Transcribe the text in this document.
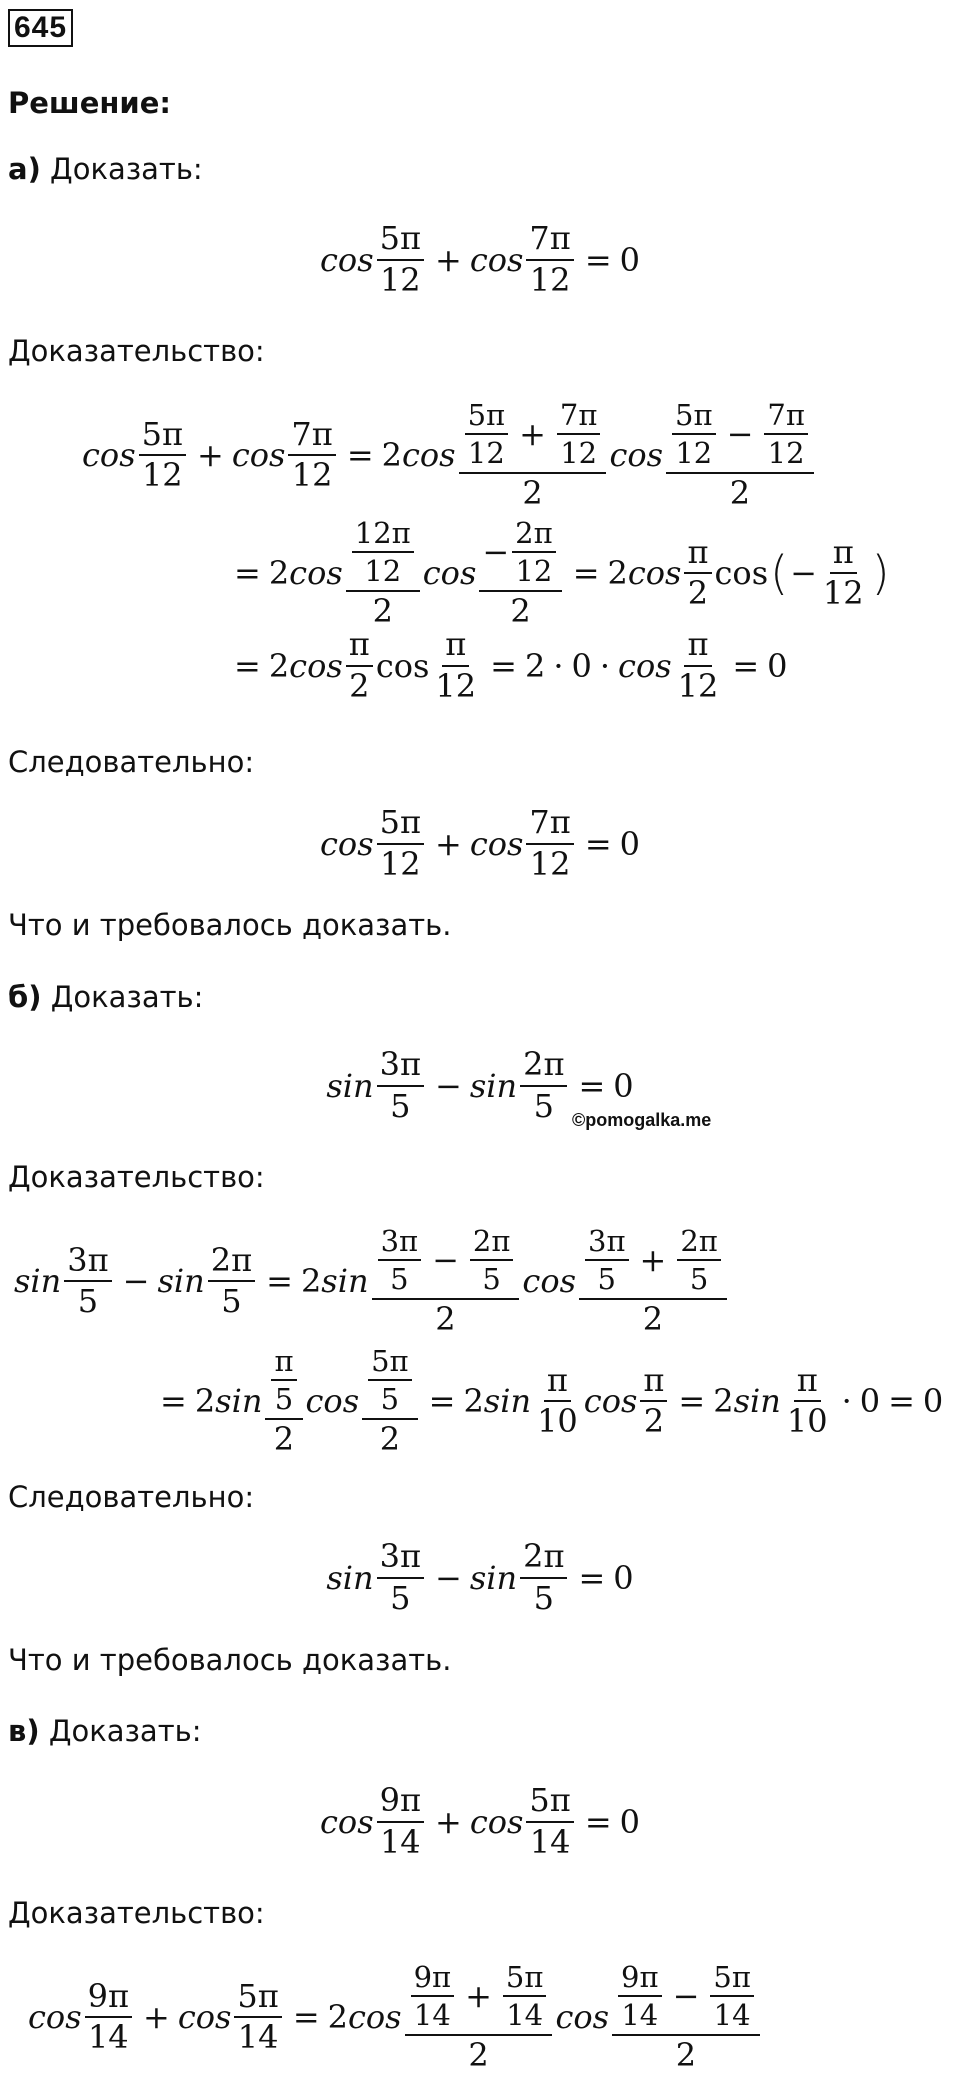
645
Решение:
а) Доказать:
cos
5π
12
+ $\cos \frac{7\pi}{12} = 0$
Доказательство:
cos
5π
12
+ $\cos \frac{7\pi}{12} = 2$ cos
5π
12
+ $\frac{7\pi}{12}$
2
cos
5π
12
− $\frac{7\pi}{12}$
2
= 2 cos
12π
12
2
$\cos \frac{- \frac{2\pi}{12}}{2} = 2$ cos
π
2
cos ( − $\frac{\pi}{12}$ )
= 2 cos
π
2
$\cos \frac{\pi}{12} = 2 \cdot 0 \cdot \cos \frac{\pi}{12} = 0$
Следовательно:
cos
5π
12
+ $\cos \frac{7\pi}{12} = 0$
Что и требовалось доказать.
б) Доказать:
sin
3π
5
− $\sin \frac{2\pi}{5} = 0$
©pomogalka.me
Доказательство:
sin
3π
5
− $\sin \frac{2\pi}{5} = 2$ sin
3π
5
− $\frac{2\pi}{5}$
2
cos
3π
5
+ $\frac{2\pi}{5}$
2
= 2 sin
π
5
2
cos 5π
5
2 = 2 sin
π
10
$\cos \frac{\pi}{2} = 2$ sin
π
10
· 0 = 0
Следовательно:
sin
3π
5
− $\sin \frac{2\pi}{5} = 0$
Что и требовалось доказать.
в) Доказать:
cos
9π
14
+ $\cos \frac{5\pi}{14} = 0$
Доказательство:
cos
9π
14
+ $\cos \frac{5\pi}{14} = 2$ cos
9π
14
+ $\frac{5\pi}{14}$
2
cos
9π
14
− $\frac{5\pi}{14}$
2
